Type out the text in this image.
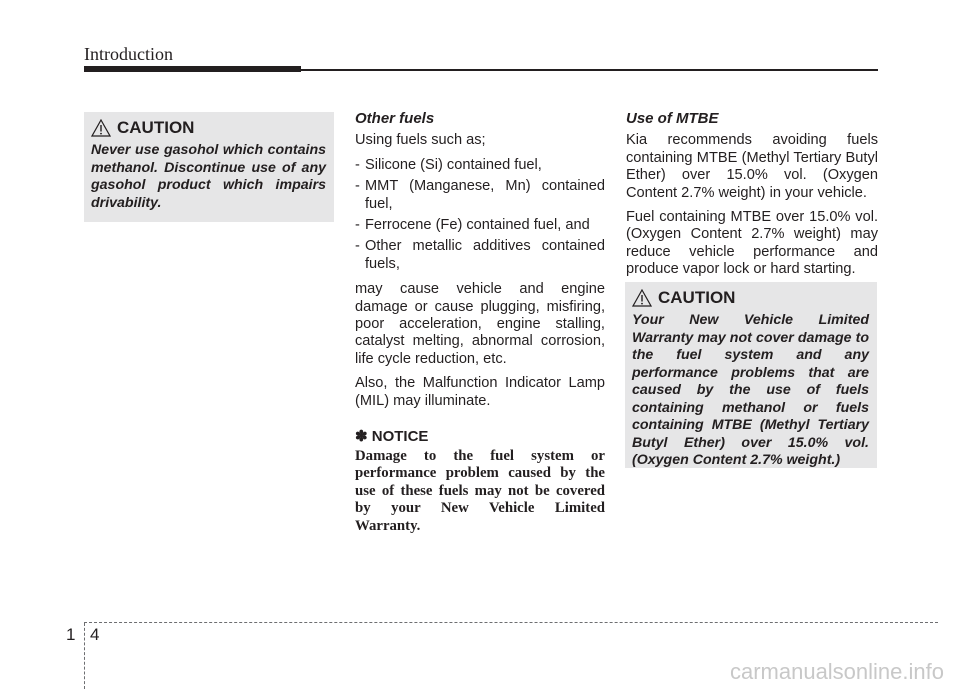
Introduction
CAUTION
Never use gasohol which contains methanol. Discontinue use of any gasohol product which impairs drivability.
Other fuels

Using fuels such as;

- Silicone (Si) contained fuel,
- MMT (Manganese, Mn) contained fuel,
- Ferrocene (Fe) contained fuel, and
- Other metallic additives contained fuels,

may cause vehicle and engine damage or cause plugging, misfiring, poor acceleration, engine stalling, catalyst melting, abnormal corrosion, life cycle reduction, etc.

Also, the Malfunction Indicator Lamp (MIL) may illuminate.

✽ NOTICE
Damage to the fuel system or performance problem caused by the use of these fuels may not be covered by your New Vehicle Limited Warranty.
Use of MTBE

Kia recommends avoiding fuels containing MTBE (Methyl Tertiary Butyl Ether) over 15.0% vol. (Oxygen Content 2.7% weight) in your vehicle.

Fuel containing MTBE over 15.0% vol. (Oxygen Content 2.7% weight) may reduce vehicle performance and produce vapor lock or hard starting.

CAUTION
Your New Vehicle Limited Warranty may not cover damage to the fuel system and any performance problems that are caused by the use of fuels containing methanol or fuels containing MTBE (Methyl Tertiary Butyl Ether) over 15.0% vol. (Oxygen Content 2.7% weight.)
1 4
carmanualsonline.info
